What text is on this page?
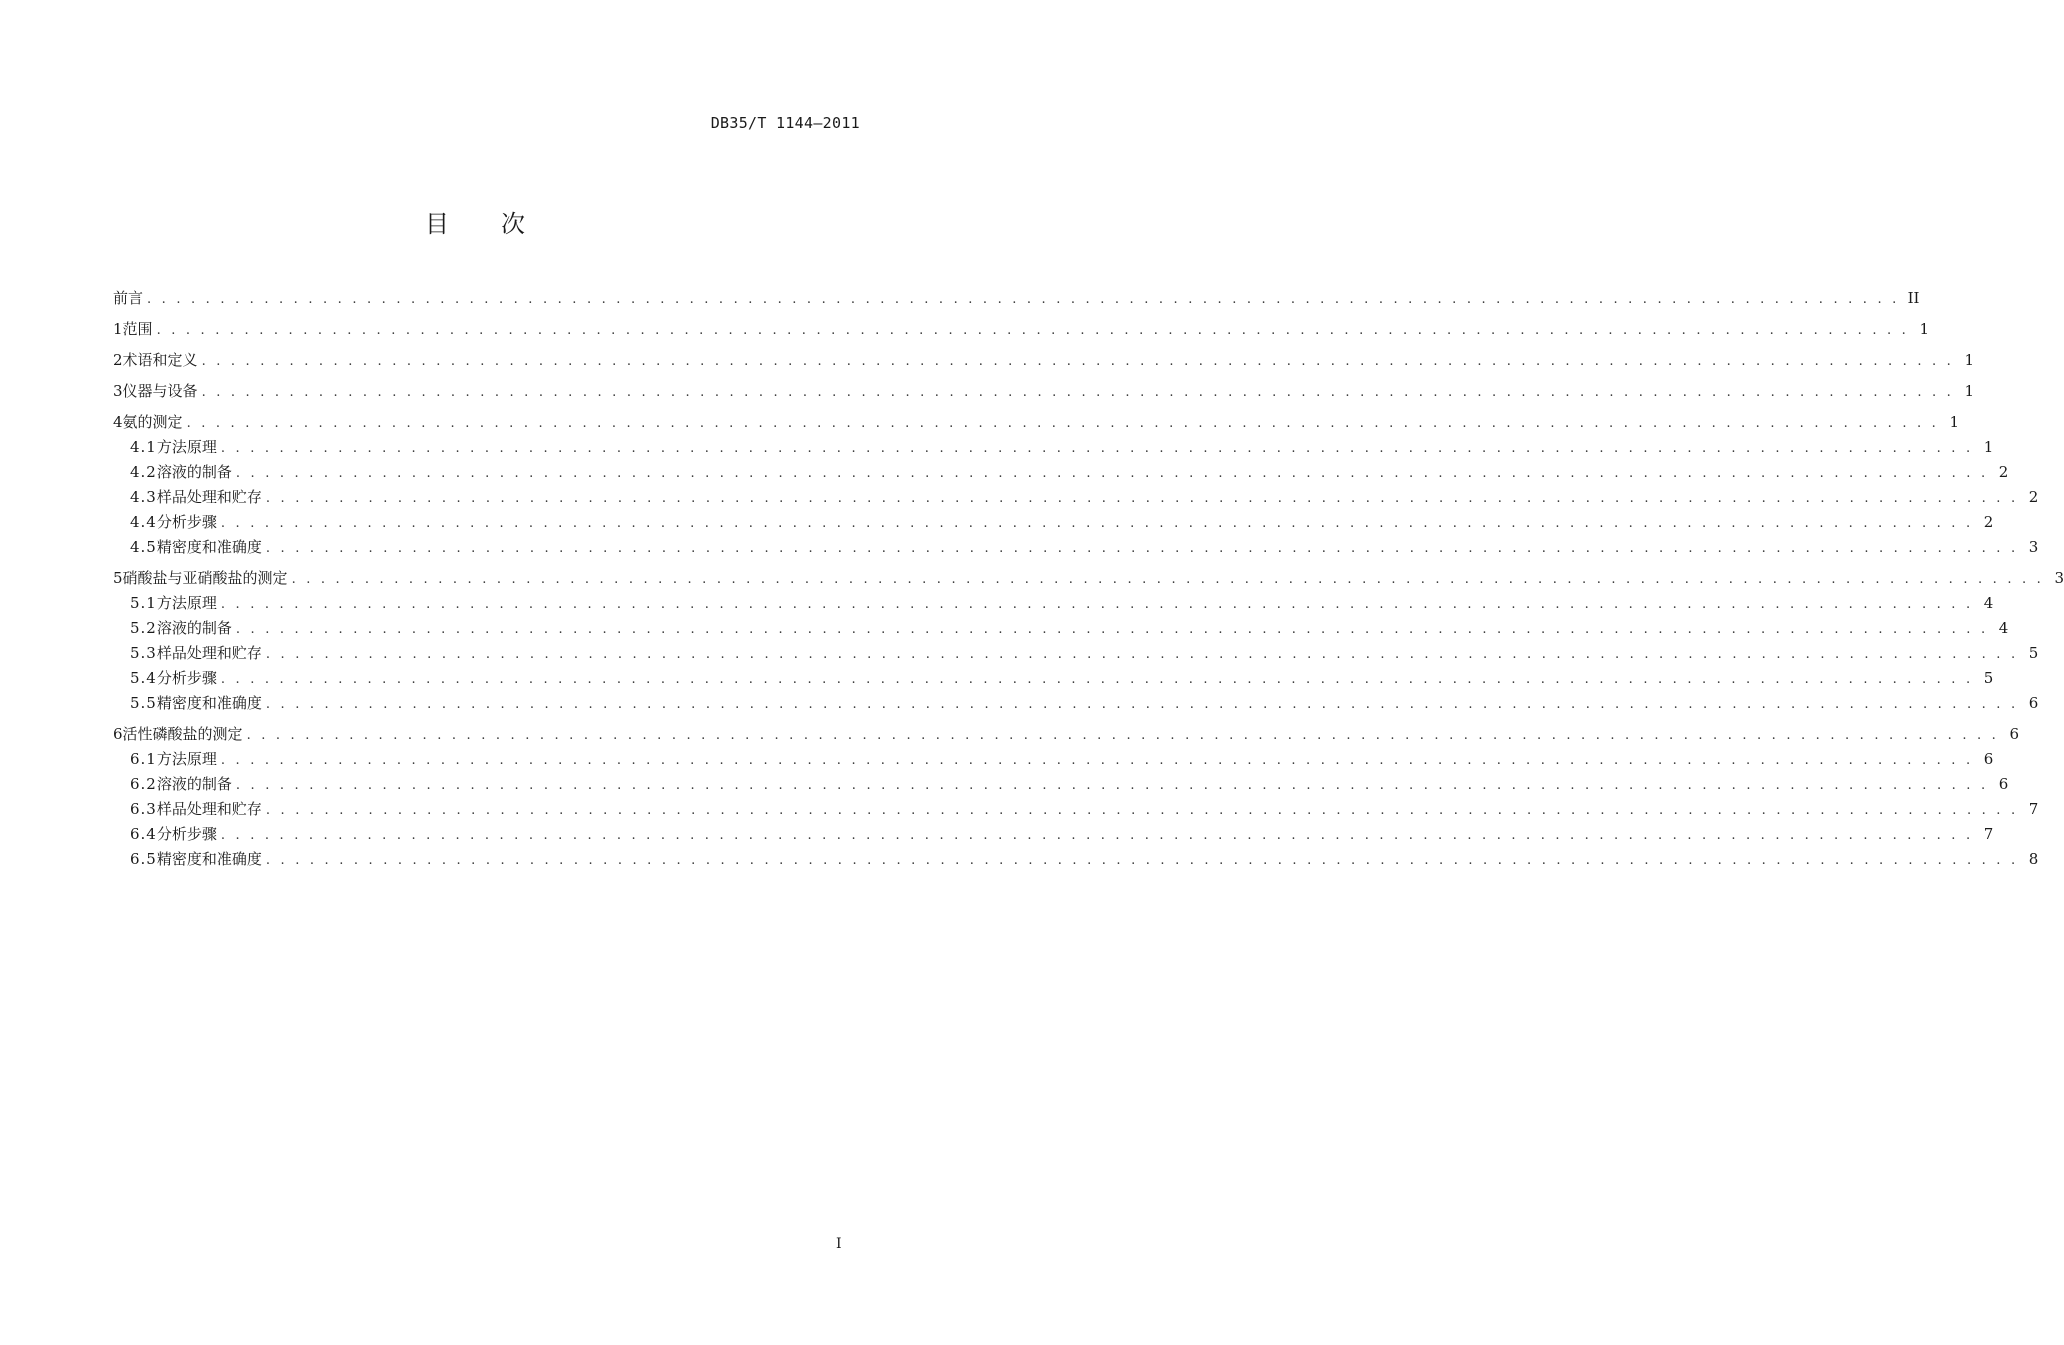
DB35/T 1144—2011
目 次
前言 . . . . . . . . . . . . . . . . . . . . . . . . . . . . . . . . . . . . . . . . . . . . . . . . . . . . . . . . . . . . . . . . . . . . . . . . . . . . . . . . . . . . . . . . . . . . . . . . . . . . . . . . . . . . . . . . . . . . . . . . II
1 范围 . . . . . . . . . . . . . . . . . . . . . . . . . . . . . . . . . . . . . . . . . . . . . . . . . . . . . . . . . . . . . . . . . . . . . . . . . . . . . . . . . . . . . . . . . . . . . . . . . . . . . . . . . . . . . . . . . . . . . . . . 1
2 术语和定义 . . . . . . . . . . . . . . . . . . . . . . . . . . . . . . . . . . . . . . . . . . . . . . . . . . . . . . . . . . . . . . . . . . . . . . . . . . . . . . . . . . . . . . . . . . . . . . . . . . . . . . . . . . . . . . . . . . . . . . . . 1
3 仪器与设备 . . . . . . . . . . . . . . . . . . . . . . . . . . . . . . . . . . . . . . . . . . . . . . . . . . . . . . . . . . . . . . . . . . . . . . . . . . . . . . . . . . . . . . . . . . . . . . . . . . . . . . . . . . . . . . . . . . . . . . . . 1
4 氨的测定 . . . . . . . . . . . . . . . . . . . . . . . . . . . . . . . . . . . . . . . . . . . . . . . . . . . . . . . . . . . . . . . . . . . . . . . . . . . . . . . . . . . . . . . . . . . . . . . . . . . . . . . . . . . . . . . . . . . . . . . . 1
4.1 方法原理 . . . . . . . . . . . . . . . . . . . . . . . . . . . . . . . . . . . . . . . . . . . . . . . . . . . . . . . . . . . . . . . . . . . . . . . . . . . . . . . . . . . . . . . . . . . . . . . . . . . . . . . . . . . . . . . . . . . . . . . . 1
4.2 溶液的制备 . . . . . . . . . . . . . . . . . . . . . . . . . . . . . . . . . . . . . . . . . . . . . . . . . . . . . . . . . . . . . . . . . . . . . . . . . . . . . . . . . . . . . . . . . . . . . . . . . . . . . . . . . . . . . . . . . . . . . . . . 2
4.3 样品处理和贮存 . . . . . . . . . . . . . . . . . . . . . . . . . . . . . . . . . . . . . . . . . . . . . . . . . . . . . . . . . . . . . . . . . . . . . . . . . . . . . . . . . . . . . . . . . . . . . . . . . . . . . . . . . . . . . . . . . . . . . . . . 2
4.4 分析步骤 . . . . . . . . . . . . . . . . . . . . . . . . . . . . . . . . . . . . . . . . . . . . . . . . . . . . . . . . . . . . . . . . . . . . . . . . . . . . . . . . . . . . . . . . . . . . . . . . . . . . . . . . . . . . . . . . . . . . . . . . 2
4.5 精密度和准确度 . . . . . . . . . . . . . . . . . . . . . . . . . . . . . . . . . . . . . . . . . . . . . . . . . . . . . . . . . . . . . . . . . . . . . . . . . . . . . . . . . . . . . . . . . . . . . . . . . . . . . . . . . . . . . . . . . . . . . . . . 3
5 硝酸盐与亚硝酸盐的测定 . . . . . . . . . . . . . . . . . . . . . . . . . . . . . . . . . . . . . . . . . . . . . . . . . . . . . . . . . . . . . . . . . . . . . . . . . . . . . . . . . . . . . . . . . . . . . . . . . . . . . . . . . . . . . . . . . . . . . . . . 3
5.1 方法原理 . . . . . . . . . . . . . . . . . . . . . . . . . . . . . . . . . . . . . . . . . . . . . . . . . . . . . . . . . . . . . . . . . . . . . . . . . . . . . . . . . . . . . . . . . . . . . . . . . . . . . . . . . . . . . . . . . . . . . . . . 4
5.2 溶液的制备 . . . . . . . . . . . . . . . . . . . . . . . . . . . . . . . . . . . . . . . . . . . . . . . . . . . . . . . . . . . . . . . . . . . . . . . . . . . . . . . . . . . . . . . . . . . . . . . . . . . . . . . . . . . . . . . . . . . . . . . . 4
5.3 样品处理和贮存 . . . . . . . . . . . . . . . . . . . . . . . . . . . . . . . . . . . . . . . . . . . . . . . . . . . . . . . . . . . . . . . . . . . . . . . . . . . . . . . . . . . . . . . . . . . . . . . . . . . . . . . . . . . . . . . . . . . . . . . . 5
5.4 分析步骤 . . . . . . . . . . . . . . . . . . . . . . . . . . . . . . . . . . . . . . . . . . . . . . . . . . . . . . . . . . . . . . . . . . . . . . . . . . . . . . . . . . . . . . . . . . . . . . . . . . . . . . . . . . . . . . . . . . . . . . . . 5
5.5 精密度和准确度 . . . . . . . . . . . . . . . . . . . . . . . . . . . . . . . . . . . . . . . . . . . . . . . . . . . . . . . . . . . . . . . . . . . . . . . . . . . . . . . . . . . . . . . . . . . . . . . . . . . . . . . . . . . . . . . . . . . . . . . . 6
6 活性磷酸盐的测定 . . . . . . . . . . . . . . . . . . . . . . . . . . . . . . . . . . . . . . . . . . . . . . . . . . . . . . . . . . . . . . . . . . . . . . . . . . . . . . . . . . . . . . . . . . . . . . . . . . . . . . . . . . . . . . . . . . . . . . . . 6
6.1 方法原理 . . . . . . . . . . . . . . . . . . . . . . . . . . . . . . . . . . . . . . . . . . . . . . . . . . . . . . . . . . . . . . . . . . . . . . . . . . . . . . . . . . . . . . . . . . . . . . . . . . . . . . . . . . . . . . . . . . . . . . . . 6
6.2 溶液的制备 . . . . . . . . . . . . . . . . . . . . . . . . . . . . . . . . . . . . . . . . . . . . . . . . . . . . . . . . . . . . . . . . . . . . . . . . . . . . . . . . . . . . . . . . . . . . . . . . . . . . . . . . . . . . . . . . . . . . . . . . 6
6.3 样品处理和贮存 . . . . . . . . . . . . . . . . . . . . . . . . . . . . . . . . . . . . . . . . . . . . . . . . . . . . . . . . . . . . . . . . . . . . . . . . . . . . . . . . . . . . . . . . . . . . . . . . . . . . . . . . . . . . . . . . . . . . . . . . 7
6.4 分析步骤 . . . . . . . . . . . . . . . . . . . . . . . . . . . . . . . . . . . . . . . . . . . . . . . . . . . . . . . . . . . . . . . . . . . . . . . . . . . . . . . . . . . . . . . . . . . . . . . . . . . . . . . . . . . . . . . . . . . . . . . . 7
6.5 精密度和准确度 . . . . . . . . . . . . . . . . . . . . . . . . . . . . . . . . . . . . . . . . . . . . . . . . . . . . . . . . . . . . . . . . . . . . . . . . . . . . . . . . . . . . . . . . . . . . . . . . . . . . . . . . . . . . . . . . . . . . . . . . 8
I
